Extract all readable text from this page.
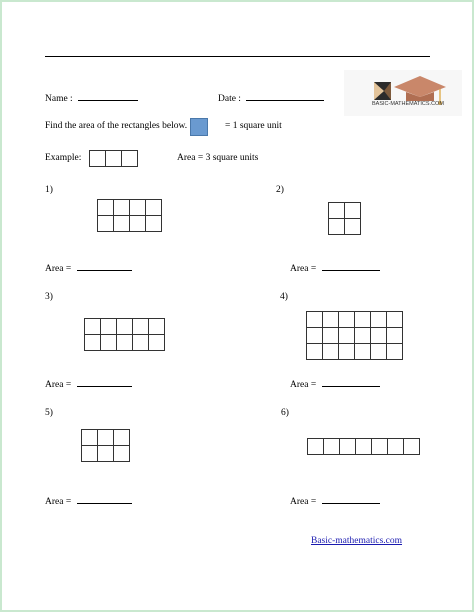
Name :	Date :	BASIC-MATHEMATICS.COM
Find the area of the rectangles below.	= 1 square unit
Example:	Area = 3 square units
1)
Area =
2)
Area =
3)
Area =
4)
Area =
5)
Area =
6)
Area =
Basic-mathematics.com
